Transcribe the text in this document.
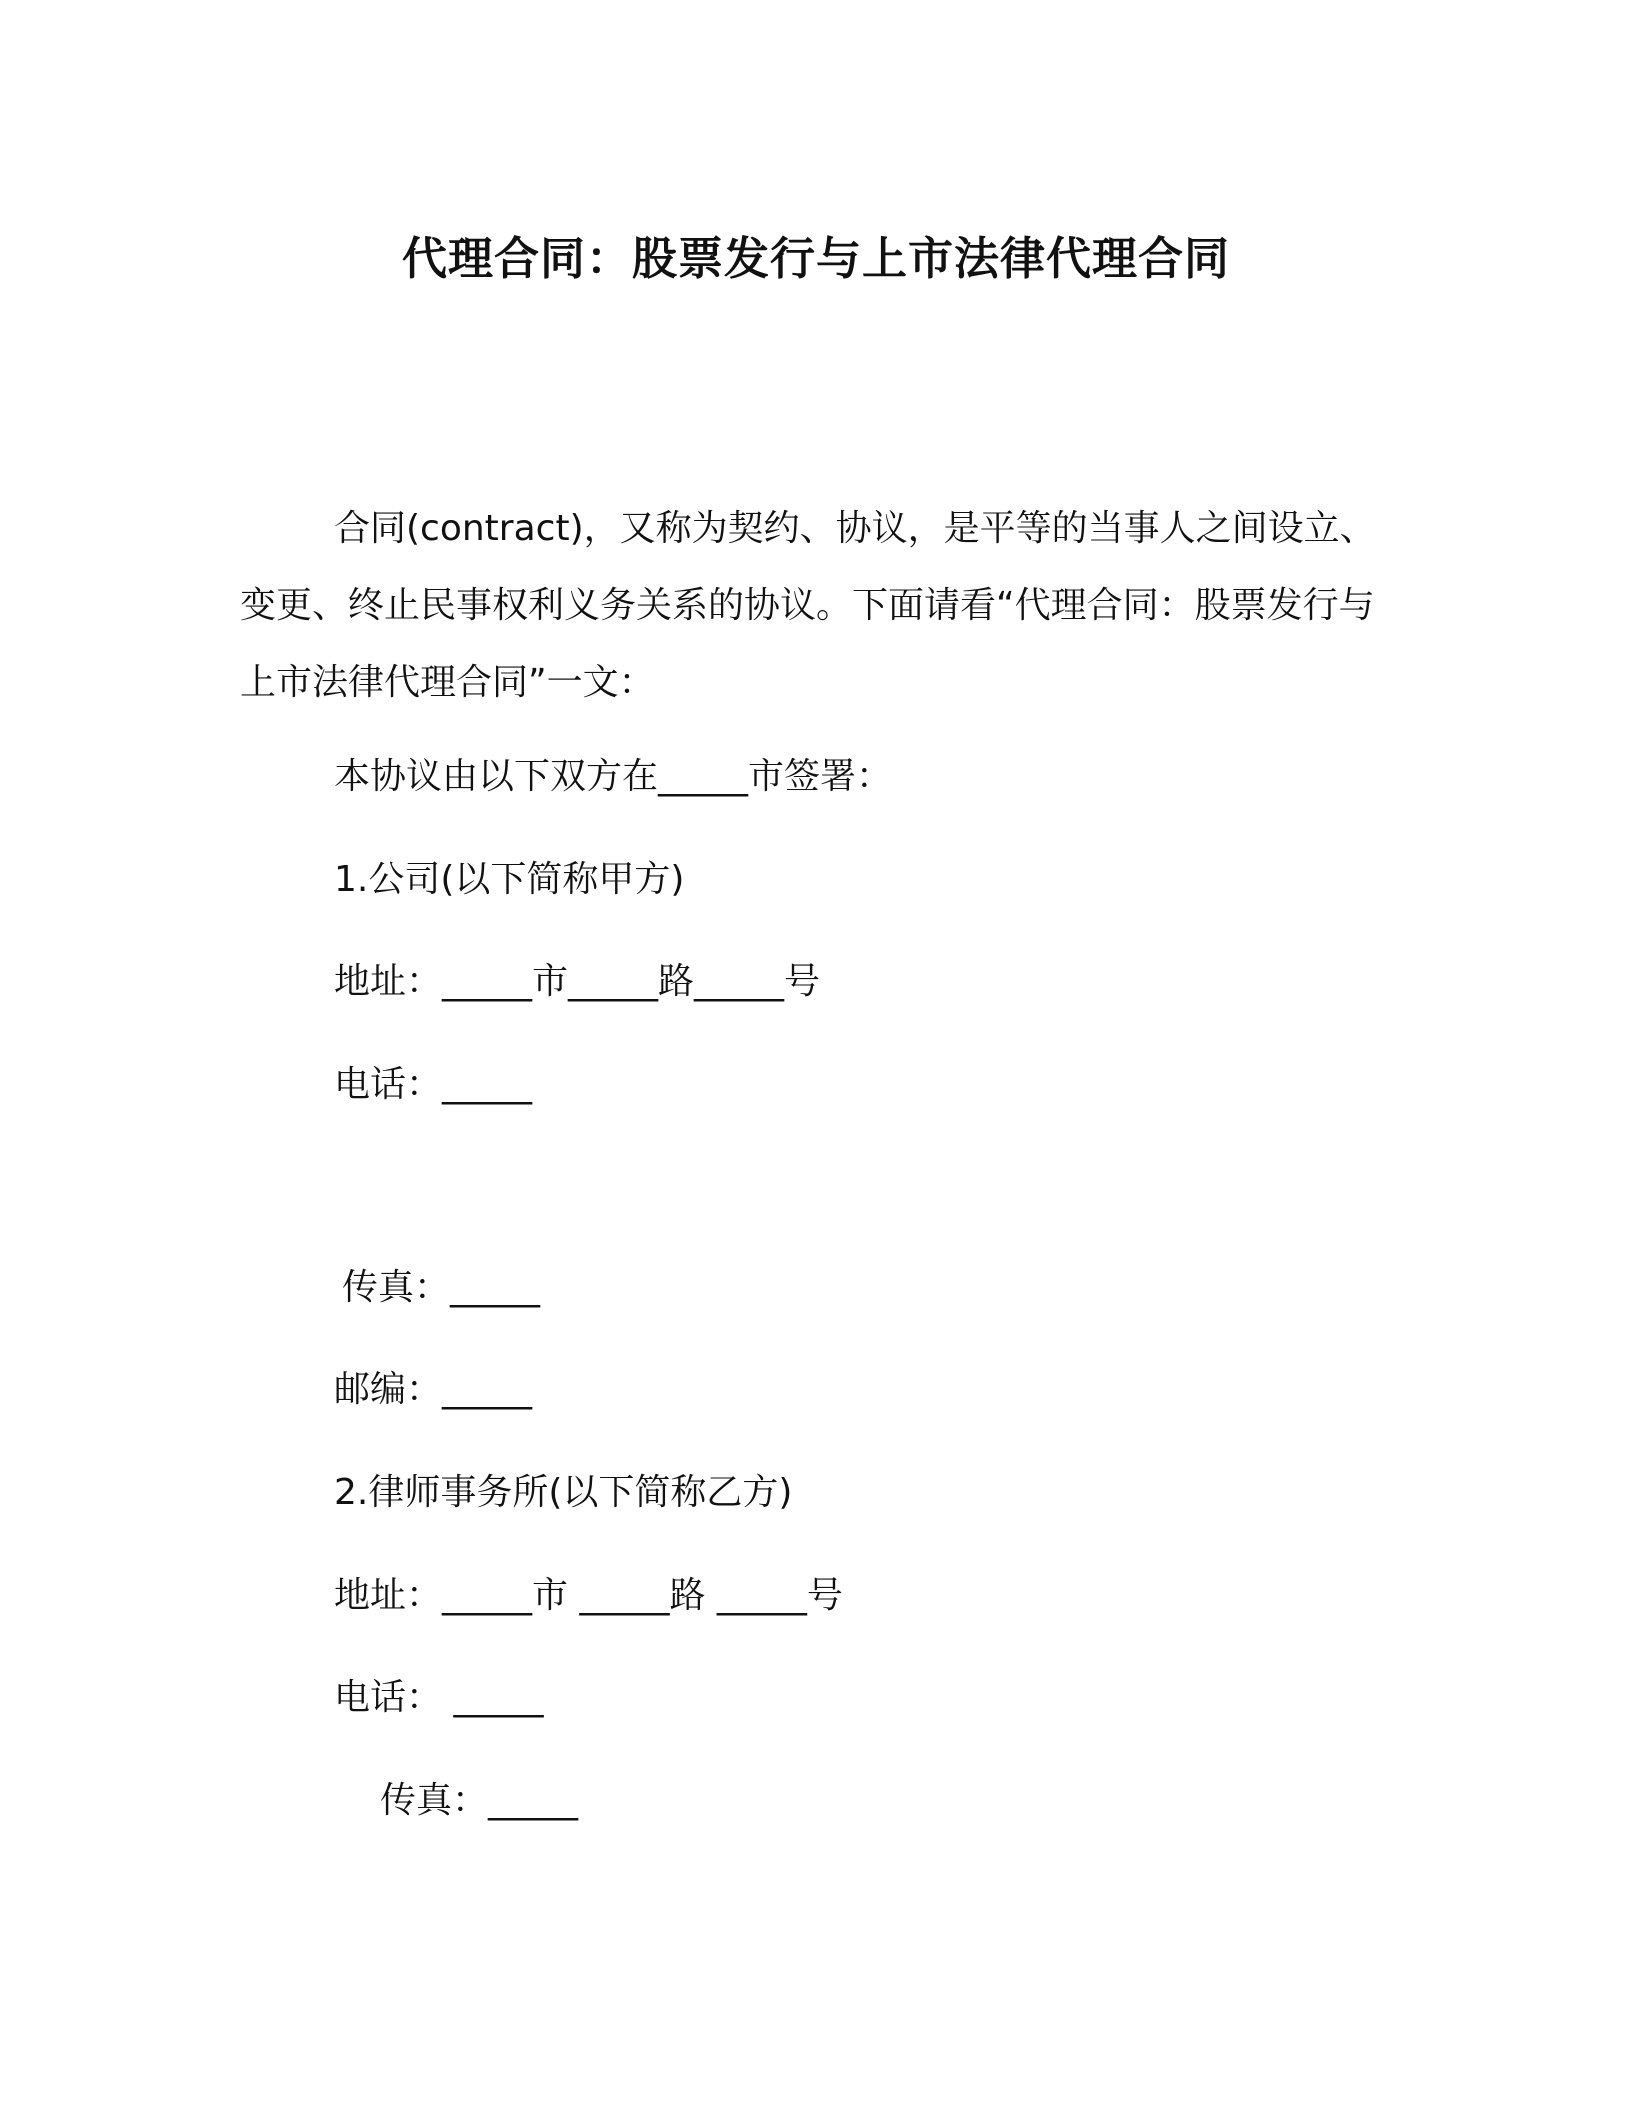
代理合同：股票发行与上市法律代理合同
合同(contract)，又称为契约、协议，是平等的当事人之间设立、变更、终止民事权利义务关系的协议。下面请看“代理合同：股票发行与上市法律代理合同”一文：
本协议由以下双方在_____市签署：
1.公司(以下简称甲方)
地址：_____市_____路_____号
电话：_____
传真：_____
邮编：_____
2.律师事务所(以下简称乙方)
地址：_____市 _____路 _____号
电话： _____
传真：_____
